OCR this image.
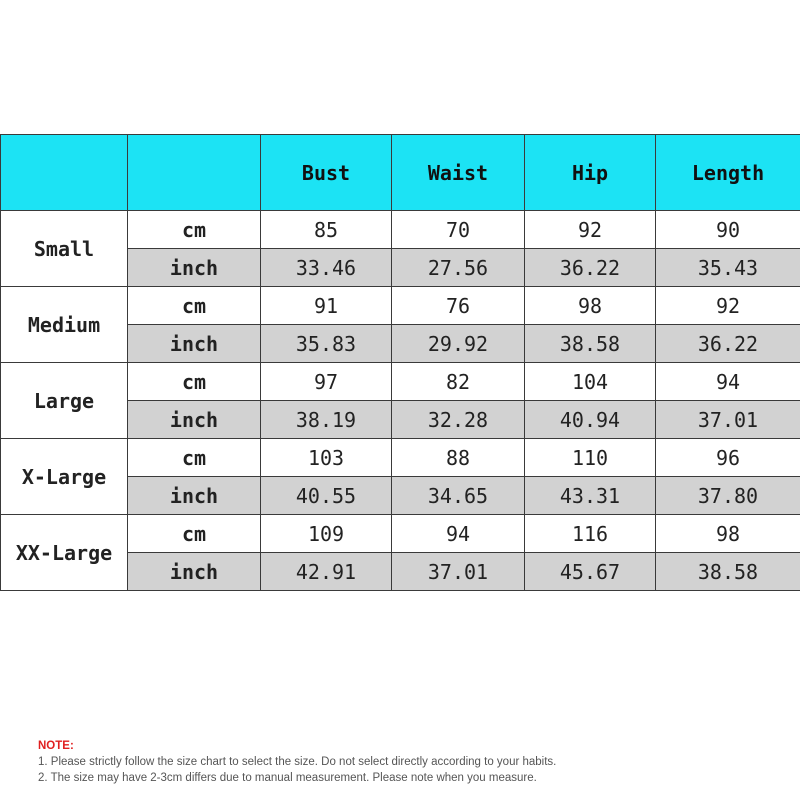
		Bust	Waist	Hip	Length
Small	cm	85	70	92	90
	inch	33.46	27.56	36.22	35.43
Medium	cm	91	76	98	92
	inch	35.83	29.92	38.58	36.22
Large	cm	97	82	104	94
	inch	38.19	32.28	40.94	37.01
X-Large	cm	103	88	110	96
	inch	40.55	34.65	43.31	37.80
XX-Large	cm	109	94	116	98
	inch	42.91	37.01	45.67	38.58
NOTE:
1. Please strictly follow the size chart to select the size. Do not select directly according to your habits.
2. The size may have 2-3cm differs due to manual measurement. Please note when you measure.
